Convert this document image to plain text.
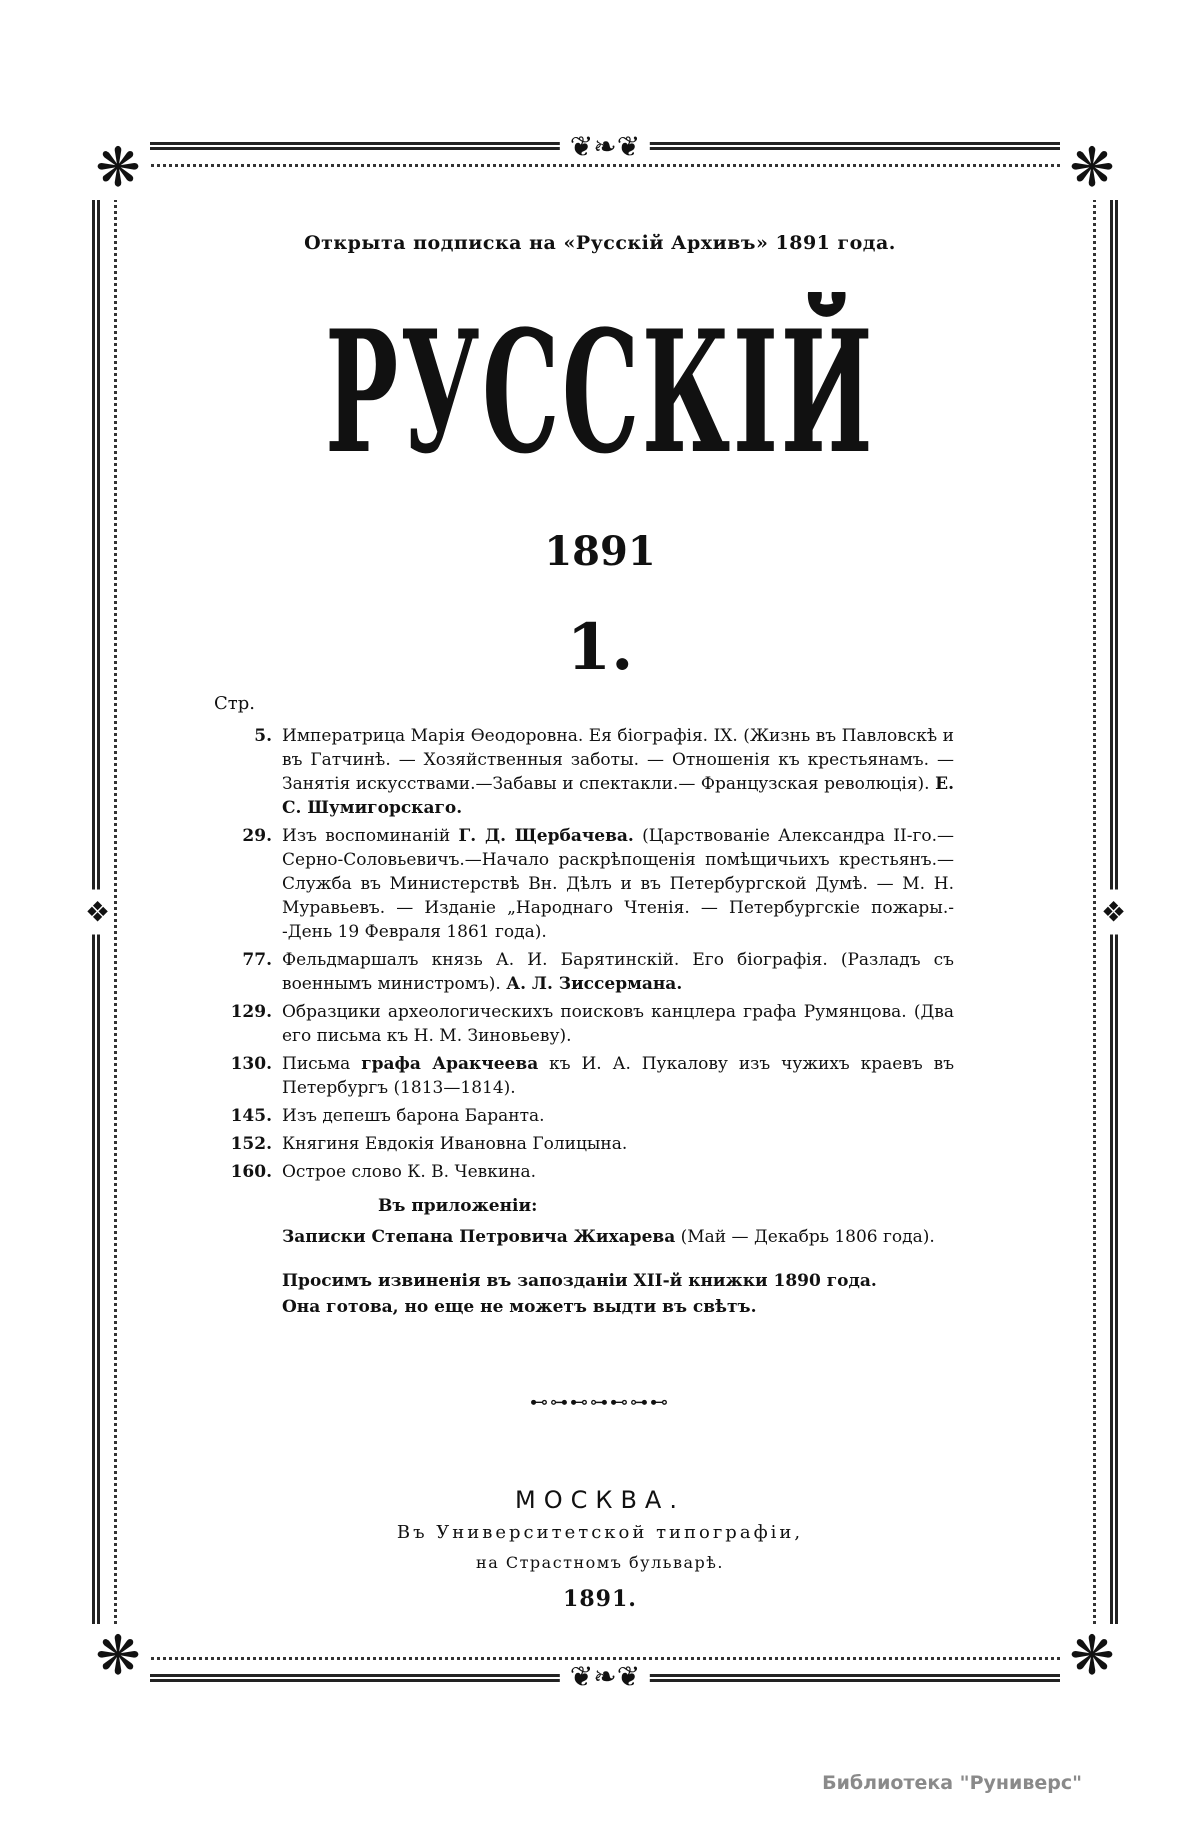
❋	❋
❋	❋
❦❧❦
❦❧❦
❖	❖
Открыта подписка на «Русскій Архивъ» 1891 года.
РУССКІЙ
1891
1.
Стр.
5. Императрица Марія Ѳеодоровна. Ея біографія. IX. (Жизнь въ Павловскѣ и въ Гатчинѣ. — Хозяйственныя заботы. — Отношенія къ крестьянамъ. — Занятія искусствами.—Забавы и спектакли.— Французская революція). Е. С. Шумигорскаго.
29. Изъ воспоминаній Г. Д. Щербачева. (Царствованіе Александра II-го.—Серно-Соловьевичъ.—Начало раскрѣпощенія помѣщичьихъ крестьянъ.—Служба въ Министерствѣ Вн. Дѣлъ и въ Петербургской Думѣ. — М. Н. Муравьевъ. — Изданіе „Народнаго Чтенія. — Петербургскіе пожары.-‑День 19 Февраля 1861 года).
77. Фельдмаршалъ князь А. И. Барятинскій. Его біографія. (Разладъ съ военнымъ министромъ). А. Л. Зиссермана.
129. Образцики археологическихъ поисковъ канцлера графа Румянцова. (Два его письма къ Н. М. Зиновьеву).
130. Письма графа Аракчеева къ И. А. Пукалову изъ чужихъ краевъ въ Петербургъ (1813—1814).
145. Изъ депешъ барона Баранта.
152. Княгиня Евдокія Ивановна Голицына.
160. Острое слово К. В. Чевкина.
Въ приложеніи:
Записки Степана Петровича Жихарева (Май — Декабрь 1806 года).
Просимъ извиненія въ запозданіи XII-й книжки 1890 года.
Она готова, но еще не можетъ выдти въ свѣтъ.
⊷⊶⊷⊶⊷⊶⊷
МОСКВА.
Въ Университетской типографіи,
на Страстномъ бульварѣ.
1891.
Библиотека "Руниверс"
